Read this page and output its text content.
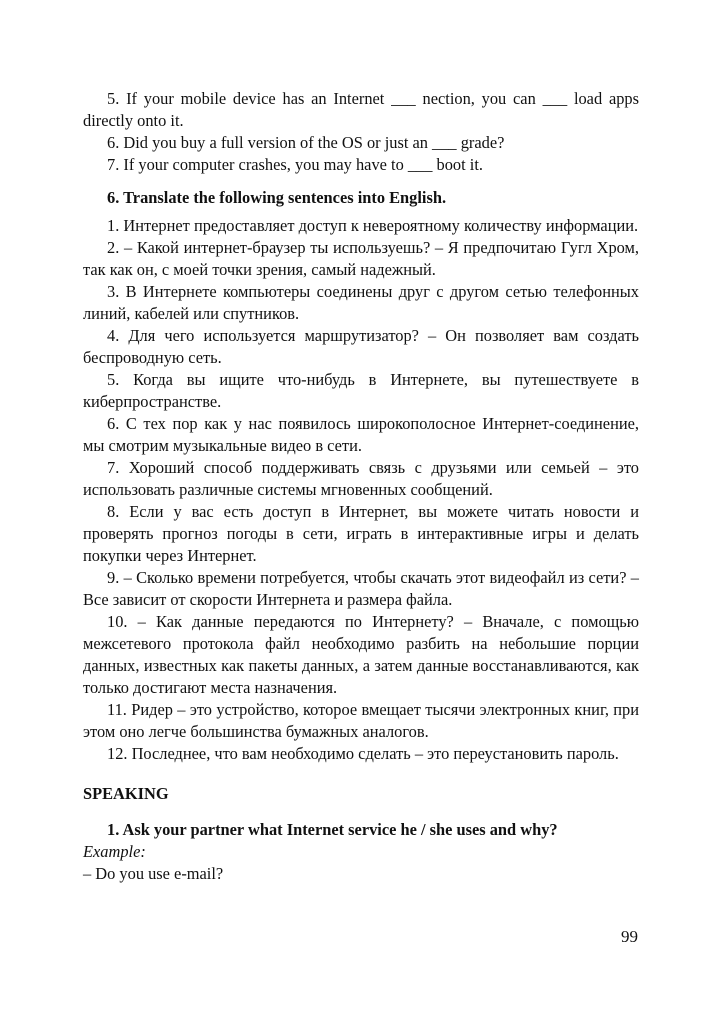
5. If your mobile device has an Internet ___ nection, you can ___ load apps directly onto it.

6. Did you buy a full version of the OS or just an ___ grade?

7. If your computer crashes, you may have to ___ boot it.

6. Translate the following sentences into English.

1. Интернет предоставляет доступ к невероятному количеству информации.

2. – Какой интернет-браузер ты используешь? – Я предпочитаю Гугл Хром, так как он, с моей точки зрения, самый надежный.

3. В Интернете компьютеры соединены друг с другом сетью телефонных линий, кабелей или спутников.

4. Для чего используется маршрутизатор? – Он позволяет вам создать беспроводную сеть.

5. Когда вы ищите что-нибудь в Интернете, вы путешествуете в киберпространстве.

6. С тех пор как у нас появилось широкополосное Интернет-соединение, мы смотрим музыкальные видео в сети.

7. Хороший способ поддерживать связь с друзьями или семьей – это использовать различные системы мгновенных сообщений.

8. Если у вас есть доступ в Интернет, вы можете читать новости и проверять прогноз погоды в сети, играть в интерактивные игры и делать покупки через Интернет.

9. – Сколько времени потребуется, чтобы скачать этот видеофайл из сети? – Все зависит от скорости Интернета и размера файла.

10. – Как данные передаются по Интернету? – Вначале, с помощью межсетевого протокола файл необходимо разбить на небольшие порции данных, известных как пакеты данных, а затем данные восстанавливаются, как только достигают места назначения.

11. Ридер – это устройство, которое вмещает тысячи электронных книг, при этом оно легче большинства бумажных аналогов.

12. Последнее, что вам необходимо сделать – это переустановить пароль.

SPEAKING

1. Ask your partner what Internet service he / she uses and why?

Example:

– Do you use e-mail?

99
